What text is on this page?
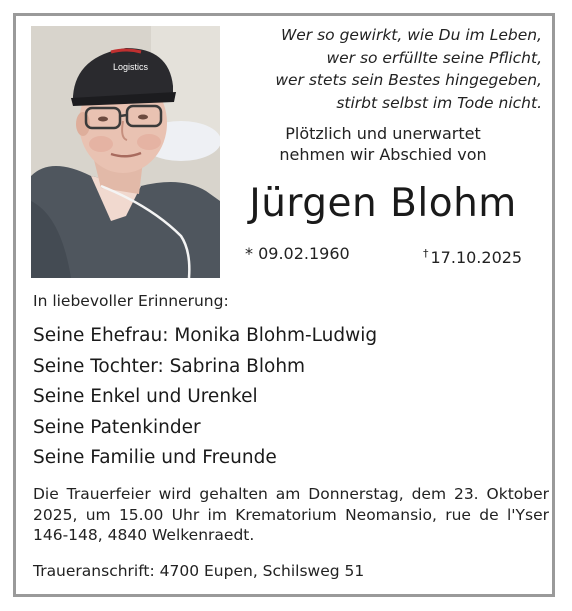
Logistics
Wer so gewirkt, wie Du im Leben,
wer so erfüllte seine Pflicht,
wer stets sein Bestes hingegeben,
stirbt selbst im Tode nicht.
Plötzlich und unerwartet
nehmen wir Abschied von
Jürgen Blohm
* 09.02.1960	† 17.10.2025
In liebevoller Erinnerung:
Seine Ehefrau: Monika Blohm-Ludwig
Seine Tochter: Sabrina Blohm
Seine Enkel und Urenkel
Seine Patenkinder
Seine Familie und Freunde
Die Trauerfeier wird gehalten am Donnerstag, dem 23. Oktober 2025, um 15.00 Uhr im Krematorium Neomansio, rue de l'Yser 146-148, 4840 Welkenraedt.
Traueranschrift: 4700 Eupen, Schilsweg 51
